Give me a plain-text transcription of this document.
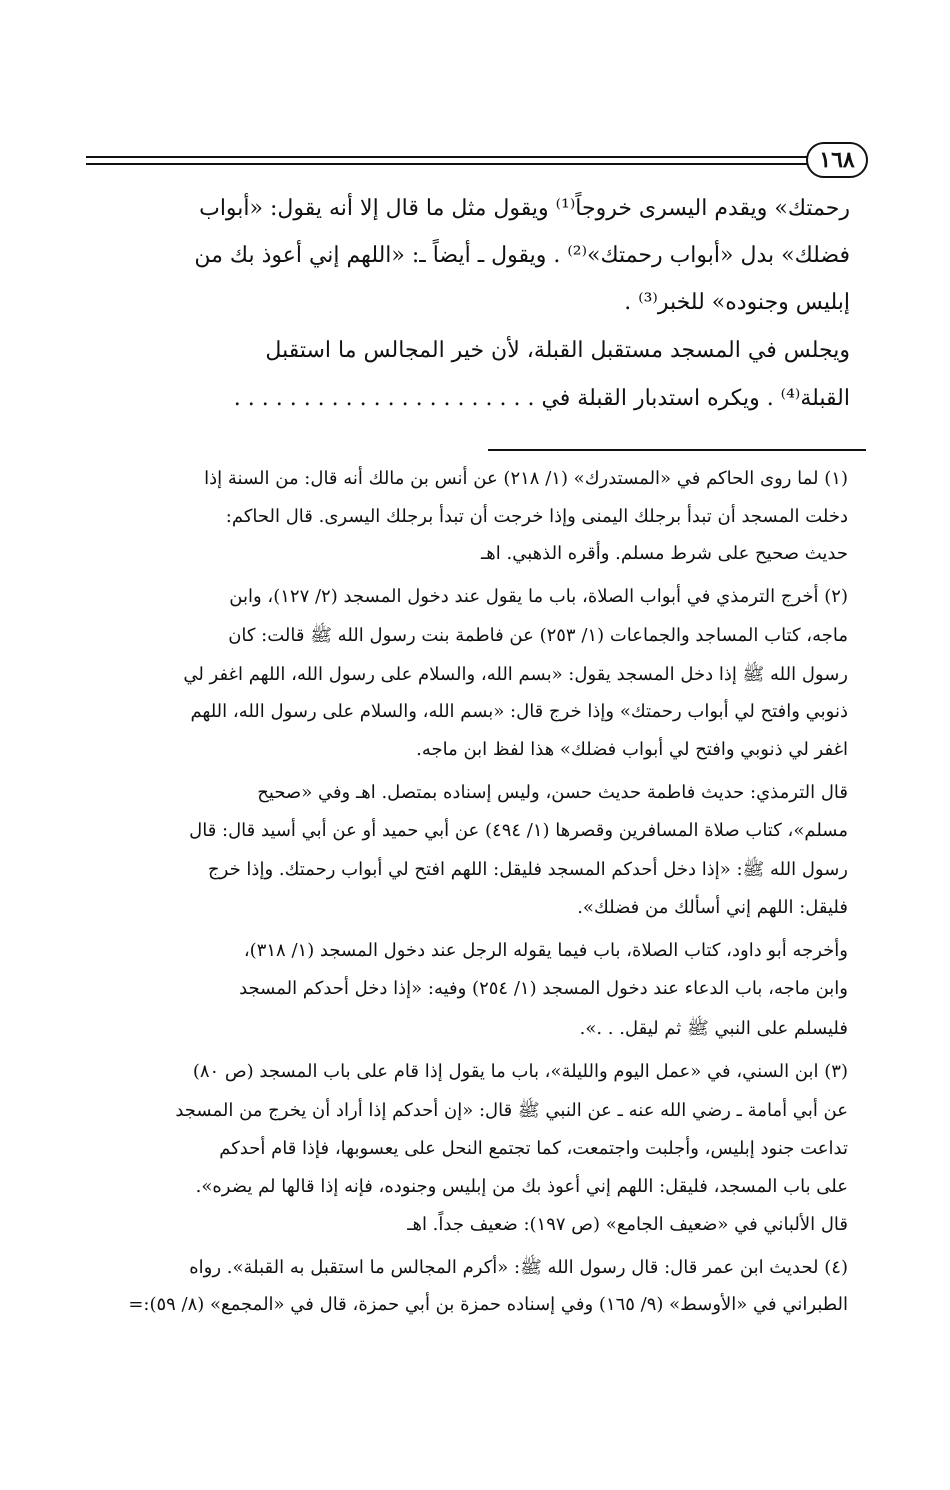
١٦٨
رحمتك» ويقدم اليسرى خروجاً⁽¹⁾ ويقول مثل ما قال إلا أنه يقول: «أبواب
فضلك» بدل «أبواب رحمتك»⁽²⁾ . ويقول ـ أيضاً ـ: «اللهم إني أعوذ بك من
إبليس وجنوده» للخبر⁽³⁾ .
ويجلس في المسجد مستقبل القبلة، لأن خير المجالس ما استقبل
القبلة⁽⁴⁾ . ويكره استدبار القبلة في . . . . . . . . . . . . . . . . . . . . . .
(١) لما روى الحاكم في «المستدرك» (١/ ٢١٨) عن أنس بن مالك أنه قال: من السنة إذا
دخلت المسجد أن تبدأ برجلك اليمنى وإذا خرجت أن تبدأ برجلك اليسرى. قال الحاكم:
حديث صحيح على شرط مسلم. وأقره الذهبي. اهـ
(٢) أخرج الترمذي في أبواب الصلاة، باب ما يقول عند دخول المسجد (٢/ ١٢٧)، وابن
ماجه، كتاب المساجد والجماعات (١/ ٢٥٣) عن فاطمة بنت رسول الله ﷺ قالت: كان
رسول الله ﷺ إذا دخل المسجد يقول: «بسم الله، والسلام على رسول الله، اللهم اغفر لي
ذنوبي وافتح لي أبواب رحمتك» وإذا خرج قال: «بسم الله، والسلام على رسول الله، اللهم
اغفر لي ذنوبي وافتح لي أبواب فضلك» هذا لفظ ابن ماجه.
قال الترمذي: حديث فاطمة حديث حسن، وليس إسناده بمتصل. اهـ وفي «صحيح
مسلم»، كتاب صلاة المسافرين وقصرها (١/ ٤٩٤) عن أبي حميد أو عن أبي أسيد قال: قال
رسول الله ﷺ: «إذا دخل أحدكم المسجد فليقل: اللهم افتح لي أبواب رحمتك. وإذا خرج
فليقل: اللهم إني أسألك من فضلك».
وأخرجه أبو داود، كتاب الصلاة، باب فيما يقوله الرجل عند دخول المسجد (١/ ٣١٨)،
وابن ماجه، باب الدعاء عند دخول المسجد (١/ ٢٥٤) وفيه: «إذا دخل أحدكم المسجد
فليسلم على النبي ﷺ ثم ليقل. . .».
(٣) ابن السني، في «عمل اليوم والليلة»، باب ما يقول إذا قام على باب المسجد (ص ٨٠)
عن أبي أمامة ـ رضي الله عنه ـ عن النبي ﷺ قال: «إن أحدكم إذا أراد أن يخرج من المسجد
تداعت جنود إبليس، وأجلبت واجتمعت، كما تجتمع النحل على يعسوبها، فإذا قام أحدكم
على باب المسجد، فليقل: اللهم إني أعوذ بك من إبليس وجنوده، فإنه إذا قالها لم يضره».
قال الألباني في «ضعيف الجامع» (ص ١٩٧): ضعيف جداً. اهـ
(٤) لحديث ابن عمر قال: قال رسول الله ﷺ: «أكرم المجالس ما استقبل به القبلة». رواه
الطبراني في «الأوسط» (٩/ ١٦٥) وفي إسناده حمزة بن أبي حمزة، قال في «المجمع» (٨/ ٥٩):=
